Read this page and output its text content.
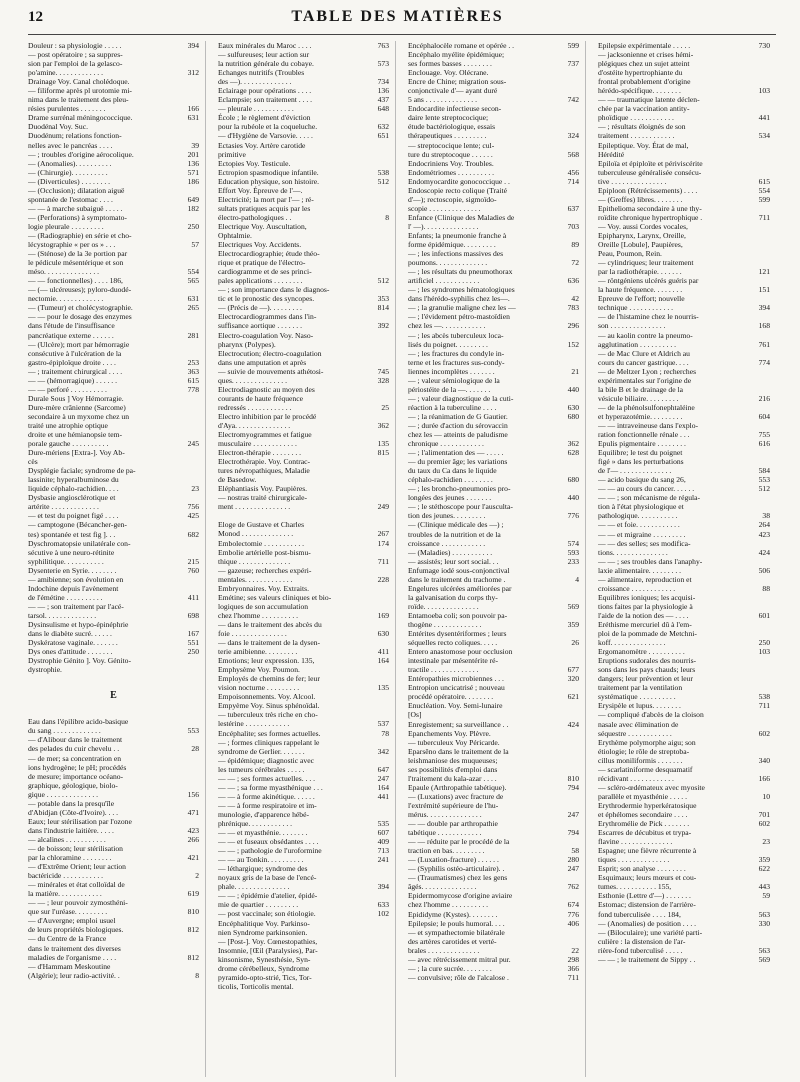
12	TABLE DES MATIÈRES
Douleur : sa physiologie . . . . .	394
— post opératoire ; sa suppres-
sion par l'emploi de la gelasco-
po'amine. . . . . . . . . . . . .	312
Drainage Voy. Canal cholédoque.
— filiforme après pl urotomie mi-
nima dans le traitement des pleu-
résies purulentes . . . . . . .	166
Drame surrénal méningococcique.	631
Duodénal Voy. Suc.
Duodénum; relations fonction-
nelles avec le pancréas . . . .	39
— ; troubles d'origine aérocolique.	201
— (Anomalies). . . . . . . . . .	136
— (Chirurgie). . . . . . . . . .	571
— (Diverticules) . . . . . . . .	186
— (Occlusion); dilatation aiguë
spontanée de l'estomac . . . .	649
— — à marche subaiguë . . . . .	182
— (Perforations) à symptomato-
logie pleurale . . . . . . . . .	250
— (Radiographie) en série et cho-
lécystographie « per os » . . .	57
— (Sténose) de la 3e portion par
le pédicule mésentérique et son
méso. . . . . . . . . . . . . . .	554
— — fonctionnelles) . . . . 186,	565
— (— ulcéreuses); pyloro-duodé-
nectomie. . . . . . . . . . . . .	631
— (Tumeur) et cholécystographie.	265
— — pour le dosage des enzymes
dans l'étude de l'insuffisance
pancréatique externe . . . . . .	281
— (Ulcère); mort par hémorragie
consécutive à l'ulcération de la
gastro-épiploïque droite . . . .	253
— ; traitement chirurgical . . . .	363
— — (hémorragique) . . . . . .	615
— — perforé . . . . . . . . . .	778
Durale Sous ] Voy Hémorragie.
Dure-mère crânienne (Sarcome)
secondaire à un myxome chez un
traité une atrophie optique
droite et une hémianopsie tem-
porale gauche . . . . . . . . . .	245
Dure-mériens [Extra-]. Voy Ab-
cès
Dysplégie faciale; syndrome de pa-
lassinite; hyperalbuminose du
liquide céphalo-rachidien. . . .	23
Dysbasie angiosclérotique et
artérite . . . . . . . . . . . . .	756
— et test du poignet figé . . . .	425
— camptogone (Bécancher-gen-
tes) spontanée et test fig ]. . .	682
Dyschromatopsie unilatérale con-
sécutive à une neuro-rétinite
syphilitique. . . . . . . . . . .	215
Dysenterie en Syrie. . . . . . . .	760
— amibienne; son évolution en
Indochine depuis l'avènement
de l'émétine . . . . . . . . . .	411
— — ; son traitement par l'acé-
tarsol. . . . . . . . . . . . . .	698
Dysinsulisme et hypo-épinéphrie
dans le diabète sucré. . . . . .	167
Dyskératose vaginale. . . . . . .	551
Dys ones d'attitude . . . . . . .	250
Dystrophie Génito ]. Voy. Génito-
dystrophie.
E
Eau dans l'épilibre acido-basique
du sang . . . . . . . . . . . . .	553
— d'Alibour dans le traitement
des pelades du cuir chevelu . .	28
— de mer; sa concentration en
ions hydrogène; le pH; procédés
de mesure; importance océano-
graphique, géologique, biolo-
gique . . . . . . . . . . . . . .	156
— potable dans la presqu'île
d'Abidjan (Côte-d'Ivoire). . . .	471
Eaux; leur stérilisation par l'ozone
dans l'industrie laitière. . . . .	423
— alcalines . . . . . . . . . . .	266
— de boisson; leur stérilisation
par la chloramine . . . . . . . .	421
— d'Extrême Orient; leur action
bactéricide . . . . . . . . . . .	2
— minérales et état colloïdal de
la matière. . . . . . . . . . . .	619
— — ; leur pouvoir zymosthéni-
que sur l'uréase. . . . . . . . .	810
— d'Auvergne; emploi usuel
de leurs propriétés biologiques.	812
— du Centre de la France
dans le traitement des diverses
maladies de l'organisme . . . .	812
— d'Hammam Meskoutine
(Algérie); leur radio-activité. .	8
Eaux minérales du Maroc . . . .	763
— sulfureuses; leur action sur
la nutrition générale du cobaye.	573
Echanges nutritifs (Troubles
des —). . . . . . . . . . . . . .	734
Eclairage pour opérations . . . .	136
Eclampsie; son traitement . . . .	437
— pleurale . . . . . . . . . . .	648
École ; le règlement d'éviction
pour la rubéole et la coqueluche.	632
— d'Hygiène de Varsovie. . . . .	651
Ectasies Voy. Artère carotide
primitive
Ectopies Voy. Testicule.
Ectropion spasmodique infantile.	538
Education physique, son histoire.	512
Effort Voy. Épreuve de l'—.
Electricité; la mort par l'— ; ré-
sultats pratiques acquis par les
électro-pathologiques . .	8
Electrique Voy. Auscultation,
Ophtalmie.
Electriques Voy. Accidents.
Electrocardiographie; étude théo-
rique et pratique de l'électro-
cardiogramme et de ses princi-
pales applications . . . . . . . .	512
— ; son importance dans le diagnos-
tic et le pronostic des syncopes.	353
— (Précis de —). . . . . . . . .	814
Electrocardiogrammes dans l'in-
suffisance aortique . . . . . . .	392
Electro-coagulation Voy. Naso-
pharynx (Polypes).
Electrocution; électro-coagulation
dans une amputation et après
— suivie de mouvements athétosi-	745
ques. . . . . . . . . . . . . . .	328
Electrodiagnostic au moyen des
courants de haute fréquence
redressés . . . . . . . . . . . .	25
Electro inhibition par le procédé
d'Aya. . . . . . . . . . . . . . .	362
Electromyogrammes et fatigue
musculaire . . . . . . . . . . . .	135
Electron-thérapie . . . . . . . .	815
Electrothérapie. Voy. Contrac-
tures névropathiques, Maladie
de Basedow.
Eléphantiasis Voy. Paupières.
— nostras traité chirurgicale-
ment . . . . . . . . . . . . . . .	249
Eloge de Gustave et Charles
Monod . . . . . . . . . . . . . .	267
Embolectomie . . . . . . . . . . .	174
Embolie artérielle post-bismu-
thique . . . . . . . . . . . . . .	711
— gazeuse; recherches expéri-
mentales. . . . . . . . . . . . .	228
Embryonnaires. Voy. Extraits.
Emétine; ses valeurs cliniques et bio-
logiques de son accumulation
chez l'homme . . . . . . . . . .	169
— dans le traitement des abcès du
foie . . . . . . . . . . . . . . .	630
— dans le traitement de la dysen-
terie amibienne. . . . . . . . .	411
Emotions; leur expression. 135,	164
Emphysème Voy. Poumon.
Employés de chemins de fer; leur
vision nocturne . . . . . . . . .	135
Empoisonnements. Voy. Alcool.
Empyème Voy. Sinus sphénoïdal.
— tuberculeux très riche en cho-
lestérine . . . . . . . . . . . .	537
Encéphalite; ses formes actuelles.	78
— ; formes cliniques rappelant le
syndrome de Gerlier. . . . . . .	342
— épidémique; diagnostic avec
les tumeurs cérébrales . . . . .	647
— — ; ses formes actuelles. . . .	247
— — ; sa forme myasthénique . . .	164
— — à forme akinétique. . . . . .	441
— — à forme respiratoire et im-
munologie, d'apparence hébé-
phrénique. . . . . . . . . . . .	535
— — et myasthénie. . . . . . . .	607
— — et fuseaux obsédantes . . . .	409
— — ; pathologie de l'uroformine	713
— — au Tonkin. . . . . . . . . .	241
— léthargique; syndrome des
noyaux gris de la base de l'encé-
phale. . . . . . . . . . . . . . .	394
— — ; épidémie d'atelier, épidé-
mie de quartier . . . . . . . . .	633
— post vaccinale; son étiologie.	102
Encéphalitique Voy. Parkinso-
nien Syndrome parkinsonien.
— [Post-]. Voy. Cœnestopathies,
Insomnie, [Œil (Paralysies), Par-
kinsonisme, Synesthésie, Syn-
drome cérébelleux, Syndrome
pyramido-opto-strié, Tics, Tor-
ticolis, Torticolis mental.
Encéphalocèle romane et opérée . .	599
Encéphalo myélite épidémique;
ses formes basses . . . . . . . .	737
Enclouage. Voy. Olécrane.
Encre de Chine; migration sous-
conjonctivale d'— ayant duré
5 ans . . . . . . . . . . . . . .	742
Endocardite infectieuse secon-
daire lente streptococique;
étude bactériologique, essais
thérapeutiques . . . . . . . . .	324
— streptococique lente; cul-
ture du streptocoque . . . . . .	568
Endocriniens Voy. Troubles.
Endométriomes . . . . . . . . . .	456
Endomyocardite gonococcique . .	714
Endoscopie recto colique (Traité
d'—); rectoscopie, sigmoïdo-
scopie . . . . . . . . . . . . . .	637
Enfance (Clinique des Maladies de
l' —). . . . . . . . . . . . . . .	703
Enfants; la pneumonie franche à
forme épidémique. . . . . . . . .	89
— ; les infections massives des
poumons. . . . . . . . . . . . . .	72
— ; les résultats du pneumothorax
artificiel . . . . . . . . . . . .	636
— ; les syndromes hématologiques
dans l'hérédo-syphilis chez les—.	42
— ; la granulie maligne chez les —	783
— ; l'évidement pétro-mastoïdien
chez les —. . . . . . . . . . . .	296
— ; les abcès tuberculeux loca-
lisés du poignet. . . . . . . . .	152
— ; les fractures du condyle in-
terne et les fractures sus-condy-
liennes incomplètes . . . . . . .	21
— ; valeur sémiologique de la
périostéite de la —. . . . . . .	440
— ; valeur diagnostique de la cuti-
réaction à la tuberculine . . . .	630
— ; la réanimation de G Gautier.	680
— ; durée d'action du sérovaccin
chez les — atteints de paludisme
chronique . . . . . . . . . . . .	362
— ; l'alimentation des — . . . . .	628
— du premier âge; les variations
du taux du Ca dans le liquide
céphalo-rachidien . . . . . . . .	680
— ; les broncho-pneumonies pro-
longées des jeunes . . . . . . .	440
— ; le stéthoscope pour l'ausculta-
tion des jeunes. . . . . . . . .	776
— (Clinique médicale des —) ;
troubles de la nutrition et de la
croissance . . . . . . . . . . . .	574
— (Maladies) . . . . . . . . . . .	593
— assistés; leur sort social. . .	233
Enfumage iodé sous-conjonctival
dans le traitement du trachome .	4
Engelures ulcérées améliorées par
la galvanisation du corps thy-
roïde. . . . . . . . . . . . . . .	569
Entamoeba coli; son pouvoir pa-
thogène . . . . . . . . . . . . .	359
Entérites dysentériformes ; leurs
séquelles recto coliques. . . . .	26
Entero anastomose pour occlusion
intestinale par mésentérite ré-
tractile . . . . . . . . . . . . .	677
Entéropathies microbiennes . . .	320
Entropion uncicatrisé ; nouveau
procédé opératoire. . . . . . . .	621
Enucléation. Voy. Semi-lunaire
[Os]
Enregistement; sa surveillance . .	424
Epanchements Voy. Plèvre.
— tuberculeux Voy Péricarde.
Eparsêno dans le traitement de la
leishmaniose des muqueuses;
ses possibilités d'emploi dans
l'traitement du kala-azar . . . .	810
Epaule (Arthropathie tabétique).	794
— (Luxations) avec fracture de
l'extrémité supérieure de l'hu-
mérus. . . . . . . . . . . . . . .	247
— — double par arthropathie
tabétique . . . . . . . . . . . .	794
— — réduite par le procédé de la
traction en bas. . . . . . . . .	58
— (Luxation-fracture) . . . . . .	280
— (Syphilis ostéo-articulaire). .	247
— (Traumatismes) chez les gens
âgés. . . . . . . . . . . . . . .	762
Epidermomycose d'origine aviaire
chez l'homme . . . . . . . . . .	674
Epididyme (Kystes). . . . . . . .	776
Epilepsie; le pouls humoral. . . .	406
— et sympathectomie bilatérale
des artères carotides et verté-
brales . . . . . . . . . . . . . .	22
— avec rétrécissement mitral pur.	298
— ; la cure sucrée. . . . . . . .	366
— convulsive; rôle de l'alcalose .	711
Epilepsie expérimentale . . . . .	730
— jacksonienne et crises hémi-
plégiques chez un sujet atteint
d'ostéite hypertrophiante du
frontal probablement d'origine
hérédo-spécifique. . . . . . . .	103
— — traumatique latente déclen-
chée par la vaccination antity-
phoïdique . . . . . . . . . . . .	441
— ; résultats éloignés de son
traitement . . . . . . . . . . . .	534
Epileptique. Voy. État de mal,
Hérédité
Epiloïa et épiploïte et périviscérite
tuberculeuse généralisée consécu-
tive . . . . . . . . . . . . . . .	615
Epiploon (Rétrécissements) . . . .	554
— (Greffes) libres. . . . . . . .	599
Epithelioma secondaire à une thy-
roïdite chronique hypertrophique .	711
— Voy. aussi Cordes vocales,
Epipharynx, Larynx, Oreille,
Oreille [Lobule], Paupières,
Peau, Poumon, Rein.
— cylindriques; leur traitement
par la radiothérapie. . . . . . .	121
— röntgéniens ulcérés guéris par
la haute fréquence. . . . . . . .	151
Epreuve de l'effort; nouvelle
technique . . . . . . . . . . . .	394
— de l'histamine chez le nourris-
son . . . . . . . . . . . . . . .	168
— au kaolin contre la pneumo-
agglutination . . . . . . . . . .	761
— de Mac Clure et Aldrich au
cours du cancer gastrique. . . .	774
— de Meltzer Lyon ; recherches
expérimentales sur l'origine de
la bile B et le drainage de la
vésicule biliaire. . . . . . . . .	216
— de la phénolsulfonephtaléine
et hyperazotémie. . . . . . . . .	604
— — intraveineuse dans l'explo-
ration fonctionnelle rénale . . .	755
Epulis pigmentaire . . . . . . . .	616
Equilibre; le test du poignet
figé » dans les perturbations
de l'— . . . . . . . . . . . . . .	584
— acido basique du sang 26,	553
— — au cours du cancer. . . . . .	512
— — ; son mécanisme de régula-
tion à l'état physiologique et
pathologique. . . . . . . . . . .	38
— — et foie. . . . . . . . . . . .	264
— — et migraine . . . . . . . . .	423
— — des selles; ses modifica-
tions. . . . . . . . . . . . . . .	424
— — ; ses troubles dans l'anaphy-
laxie alimentaire. . . . . . . . .	506
— alimentaire, reproduction et
croissance . . . . . . . . . . . .	88
Equilibres ioniques; les acquisi-
tions faites par la physiologie à
l'aide de la notion des — . . . .	601
Eréthisme mercuriel dû à l'em-
ploi de la pommade de Metchni-
koff. . . . . . . . . . . . . . .	250
Ergomanomètre . . . . . . . . . .	103
Eruptions sudorales des nourris-
sons dans les pays chauds; leurs
dangers; leur prévention et leur
traitement par la ventilation
systématique . . . . . . . . . .	538
Erysipèle et lupus. . . . . . . .	711
— compliqué d'abcès de la cloison
nasale avec élimination de
séquestre . . . . . . . . . . . .	602
Erythème polymorphe aigu; son
étiologie; le rôle de streptoba-
cillus moniliformis . . . . . . .	340
— scarlatiniforme desquamatif
récidivant . . . . . . . . . . . .	166
— scléro-œdémateux avec myosite
parallèle et myasthénie . . . . .	10
Erythrodermie hyperkératosique
et éphélomes secondaire . . . .	701
Erythromélie de Pick . . . . . . .	602
Escarres de décubitus et trypa-
flavine . . . . . . . . . . . . . .	23
Espagne; une fièvre récurrente à
tiques . . . . . . . . . . . . . .	359
Esprit; son analyse . . . . . . . .	622
Esquimaux; leurs mœurs et cou-
tumes. . . . . . . . . . . 155,	443
Esthonie (Lettre d'—) . . . . . . .	59
Estomac; distension de l'arrière-
fond tuberculisée . . . . 184,	563
— (Anomalies) de position . . . .	330
— (Biloculaire); une variété parti-
culière : la distension de l'ar-
rière-fond tuberculisé . . . . .	563
— — ; le traitement de Sippy . .	569
